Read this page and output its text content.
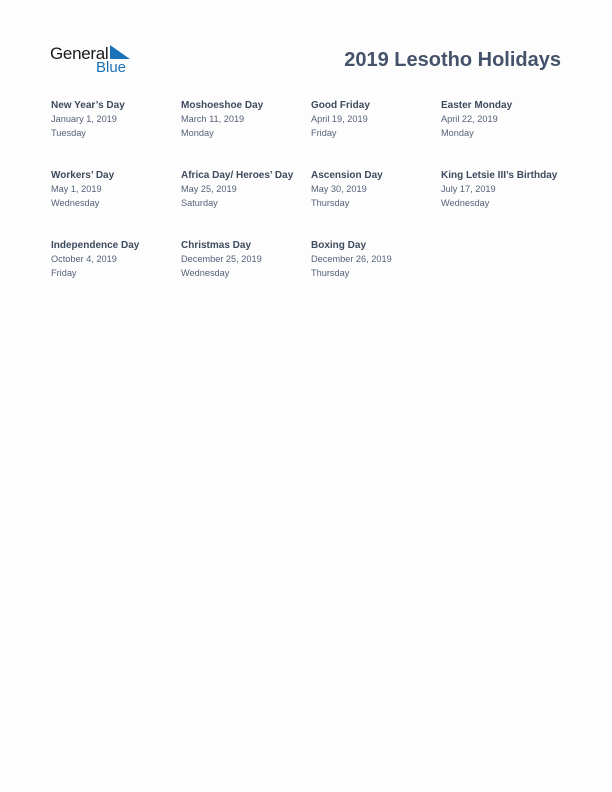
General
Blue	2019 Lesotho Holidays
New Year’s Day
January 1, 2019
Tuesday
Moshoeshoe Day
March 11, 2019
Monday
Good Friday
April 19, 2019
Friday
Easter Monday
April 22, 2019
Monday
Workers’ Day
May 1, 2019
Wednesday
Africa Day/ Heroes’ Day
May 25, 2019
Saturday
Ascension Day
May 30, 2019
Thursday
King Letsie III’s Birthday
July 17, 2019
Wednesday
Independence Day
October 4, 2019
Friday
Christmas Day
December 25, 2019
Wednesday
Boxing Day
December 26, 2019
Thursday
